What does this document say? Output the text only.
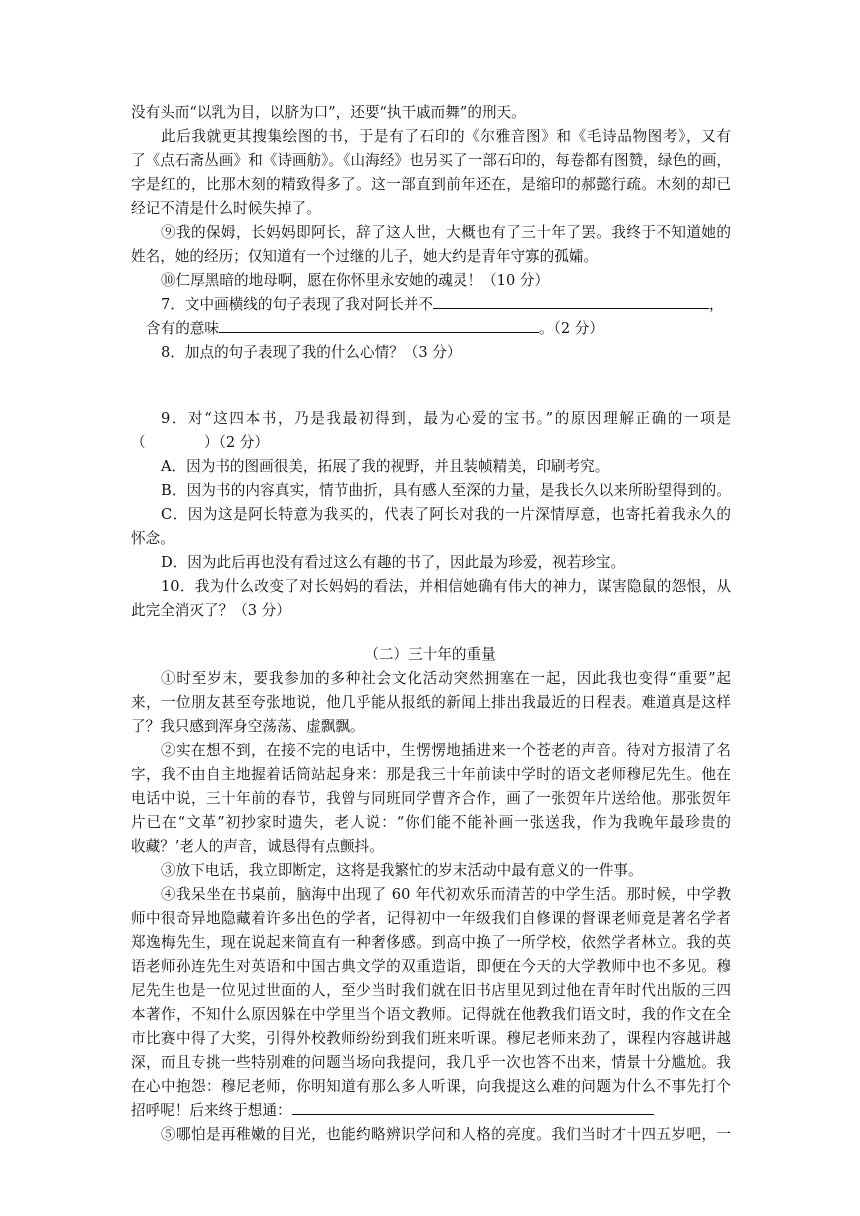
没有头而“以乳为目，以脐为口”，还要“执干戚而舞”的刑天。
此后我就更其搜集绘图的书，于是有了石印的《尔雅音图》和《毛诗品物图考》，又有
了《点石斋丛画》和《诗画舫》。《山海经》也另买了一部石印的，每卷都有图赞，绿色的画，
字是红的，比那木刻的精致得多了。这一部直到前年还在，是缩印的郝懿行疏。木刻的却已
经记不清是什么时候失掉了。
⑨我的保姆，长妈妈即阿长，辞了这人世，大概也有了三十年了罢。我终于不知道她的
姓名，她的经历；仅知道有一个过继的儿子，她大约是青年守寡的孤孀。
⑩仁厚黑暗的地母啊，愿在你怀里永安她的魂灵！（10 分）
7．文中画横线的句子表现了我对阿长并不	，
含有的意味	。（2 分）
8．加点的句子表现了我的什么心情？（3 分）
9．对“这四本书，乃是我最初得到，最为心爱的宝书。”的原因理解正确的一项是
（　　　　）（2 分）
A．因为书的图画很美，拓展了我的视野，并且装帧精美，印刷考究。
B．因为书的内容真实，情节曲折，具有感人至深的力量，是我长久以来所盼望得到的。
C．因为这是阿长特意为我买的，代表了阿长对我的一片深情厚意，也寄托着我永久的
怀念。
D．因为此后再也没有看过这么有趣的书了，因此最为珍爱，视若珍宝。
10．我为什么改变了对长妈妈的看法，并相信她确有伟大的神力，谋害隐鼠的怨恨，从
此完全消灭了？（3 分）
（二）三十年的重量
①时至岁末，要我参加的多种社会文化活动突然拥塞在一起，因此我也变得“重要”起
来，一位朋友甚至夸张地说，他几乎能从报纸的新闻上排出我最近的日程表。难道真是这样
了？我只感到浑身空荡荡、虚飘飘。
②实在想不到，在接不完的电话中，生愣愣地插进来一个苍老的声音。待对方报清了名
字，我不由自主地握着话筒站起身来：那是我三十年前读中学时的语文老师穆尼先生。他在
电话中说，三十年前的春节，我曾与同班同学曹齐合作，画了一张贺年片送给他。那张贺年
片已在“文革”初抄家时遗失，老人说：“你们能不能补画一张送我，作为我晚年最珍贵的
收藏？’老人的声音，诚恳得有点颤抖。
③放下电话，我立即断定，这将是我繁忙的岁末活动中最有意义的一件事。
④我呆坐在书桌前，脑海中出现了 60 年代初欢乐而清苦的中学生活。那时候，中学教
师中很奇异地隐藏着许多出色的学者，记得初中一年级我们自修课的督课老师竟是著名学者
郑逸梅先生，现在说起来简直有一种奢侈感。到高中换了一所学校，依然学者林立。我的英
语老师孙连先生对英语和中国古典文学的双重造诣，即便在今天的大学教师中也不多见。穆
尼先生也是一位见过世面的人，至少当时我们就在旧书店里见到过他在青年时代出版的三四
本著作，不知什么原因躲在中学里当个语文教师。记得就在他教我们语文时，我的作文在全
市比赛中得了大奖，引得外校教师纷纷到我们班来听课。穆尼老师来劲了，课程内容越讲越
深，而且专挑一些特别难的问题当场向我提问，我几乎一次也答不出来，情景十分尴尬。我
在心中抱怨：穆尼老师，你明知道有那么多人听课，向我提这么难的问题为什么不事先打个
招呼呢！后来终于想通：
⑤哪怕是再稚嫩的目光，也能约略辨识学问和人格的亮度。我们当时才十四五岁吧，一
